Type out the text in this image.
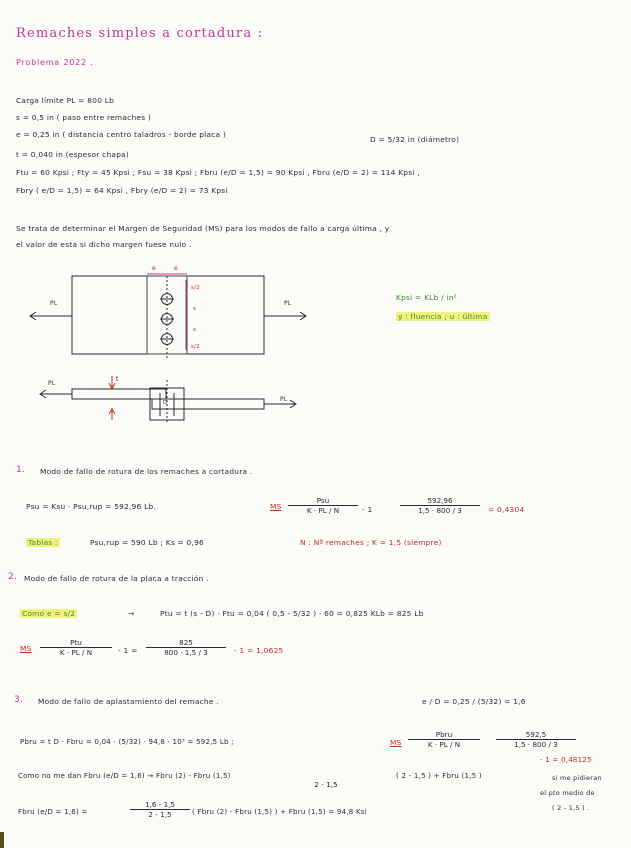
Remaches simples a cortadura :
Problema 2022 .
Carga límite PL = 800 Lb
s = 0,5 in ( paso entre remaches )
e = 0,25 in ( distancia centro taladros - borde placa )
D = 5/32 in (diámetro)
t = 0,040 in (espesor chapa)
Ftu = 60 Kpsi ; Fty = 45 Kpsi ; Fsu = 38 Kpsi ; Fbru (e/D = 1,5) = 90 Kpsi , Fbru (e/D = 2) = 114 Kpsi ,
Fbry ( e/D = 1,5) = 64 Kpsi , Fbry (e/D = 2) = 73 Kpsi
Se trata de determinar el Margen de Seguridad (MS) para los modos de fallo a carga última , y
el valor de esta si dicho margen fuese nulo .
PL	PL
e	e
s/2
s
s
s/2
PL
PL
t
D
Kpsi = KLb / in²
y : fluencia ; u : última
1. Modo de fallo de rotura de los remaches a cortadura .
Psu = Ksu · Psu,rup = 592,96 Lb.	MS
Psu
K · PL / N	- 1	$\frac{592,96}{1,5 \cdot 800 / 3} = 0,4304$
Tablas :	Psu,rup = 590 Lb ; Ks = 0,96	N : Nº remaches ; K = 1,5 (siempre)
2. Modo de fallo de rotura de la placa a tracción .
Como e = s/2	→	Ptu = t (s - D) · Ftu = 0,04 ( 0,5 - 5/32 ) · 60 = 0,825 KLb = 825 Lb
MS
Ptu
K · PL / N	- $1 = \frac{825}{800 \cdot 1,5 / 3} - 1 = 1,0625$
3. Modo de fallo de aplastamiento del remache .	e / D = 0,25 / (5/32) = 1,6
Pbru = t D · Fbru = 0,04 · (5/32) · 94,8 · 10³ = 592,5 Lb ;	MS
Pbru
K · PL / N	$\frac{592,5}{1,5 \cdot 800 / 3}$
- 1 = 0,48125
Como no me dan Fbru (e/D = 1,6) → Fbru (2) - Fbru (1,5)
2 - 1,5
( 2 - 1,5 ) + Fbru (1,5 )	si me pidieran
el pto medio de
( 2 - 1,5 ) .
Fbru (e/D = 1,6) =	$\frac{1,6 - 1,5}{2 - 1,5}$ ( Fbru (2) - Fbru (1,5) ) + Fbru (1,5) = 94,8 Ksi
